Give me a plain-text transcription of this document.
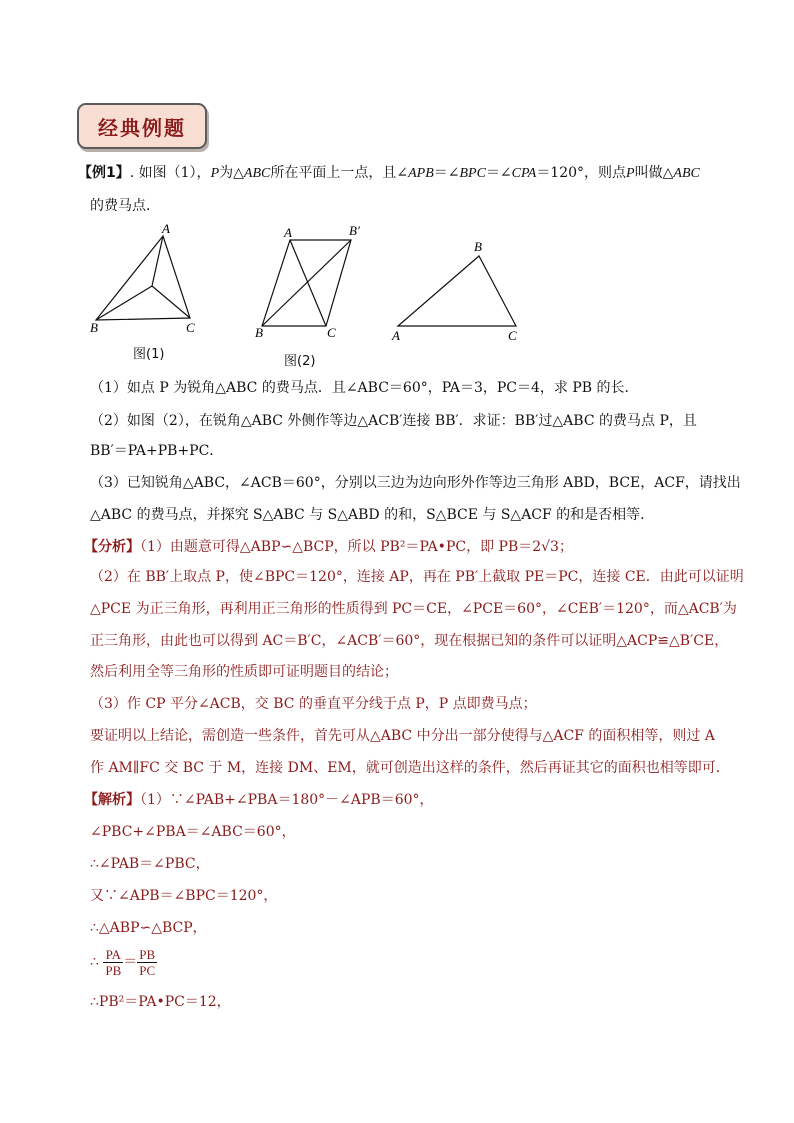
经典例题
【例1】. 如图（1），P为△ABC所在平面上一点，且∠APB＝∠BPC＝∠CPA＝120°，则点P叫做△ABC
的费马点．
A
B	C
A	B′
B	C
B
A	C
图(1)	图(2)
（1）如点 P 为锐角△ABC 的费马点．且∠ABC＝60°，PA＝3，PC＝4，求 PB 的长．
（2）如图（2），在锐角△ABC 外侧作等边△ACB′连接 BB′．求证：BB′过△ABC 的费马点 P，且
BB′＝PA+PB+PC．
（3）已知锐角△ABC，∠ACB＝60°，分别以三边为边向形外作等边三角形 ABD，BCE，ACF，请找出
△ABC 的费马点，并探究 S△ABC 与 S△ABD 的和，S△BCE 与 S△ACF 的和是否相等．
【分析】（1）由题意可得△ABP∽△BCP，所以 PB²＝PA•PC，即 PB＝2√3；
（2）在 BB′上取点 P，使∠BPC＝120°，连接 AP，再在 PB′上截取 PE＝PC，连接 CE．由此可以证明
△PCE 为正三角形，再利用正三角形的性质得到 PC＝CE，∠PCE＝60°，∠CEB′＝120°，而△ACB′为
正三角形，由此也可以得到 AC＝B′C，∠ACB′＝60°，现在根据已知的条件可以证明△ACP≌△B′CE，
然后利用全等三角形的性质即可证明题目的结论；
（3）作 CP 平分∠ACB，交 BC 的垂直平分线于点 P，P 点即费马点；
要证明以上结论，需创造一些条件，首先可从△ABC 中分出一部分使得与△ACF 的面积相等，则过 A
作 AM∥FC 交 BC 于 M，连接 DM、EM，就可创造出这样的条件，然后再证其它的面积也相等即可．
【解析】（1）∵∠PAB+∠PBA＝180°－∠APB＝60°，
∠PBC+∠PBA＝∠ABC＝60°，
∴∠PAB＝∠PBC，
又∵∠APB＝∠BPC＝120°，
∴△ABP∽△BCP，
∴ $\frac{PA}{PB} = \frac{PB}{PC}$
∴PB²＝PA•PC＝12，
